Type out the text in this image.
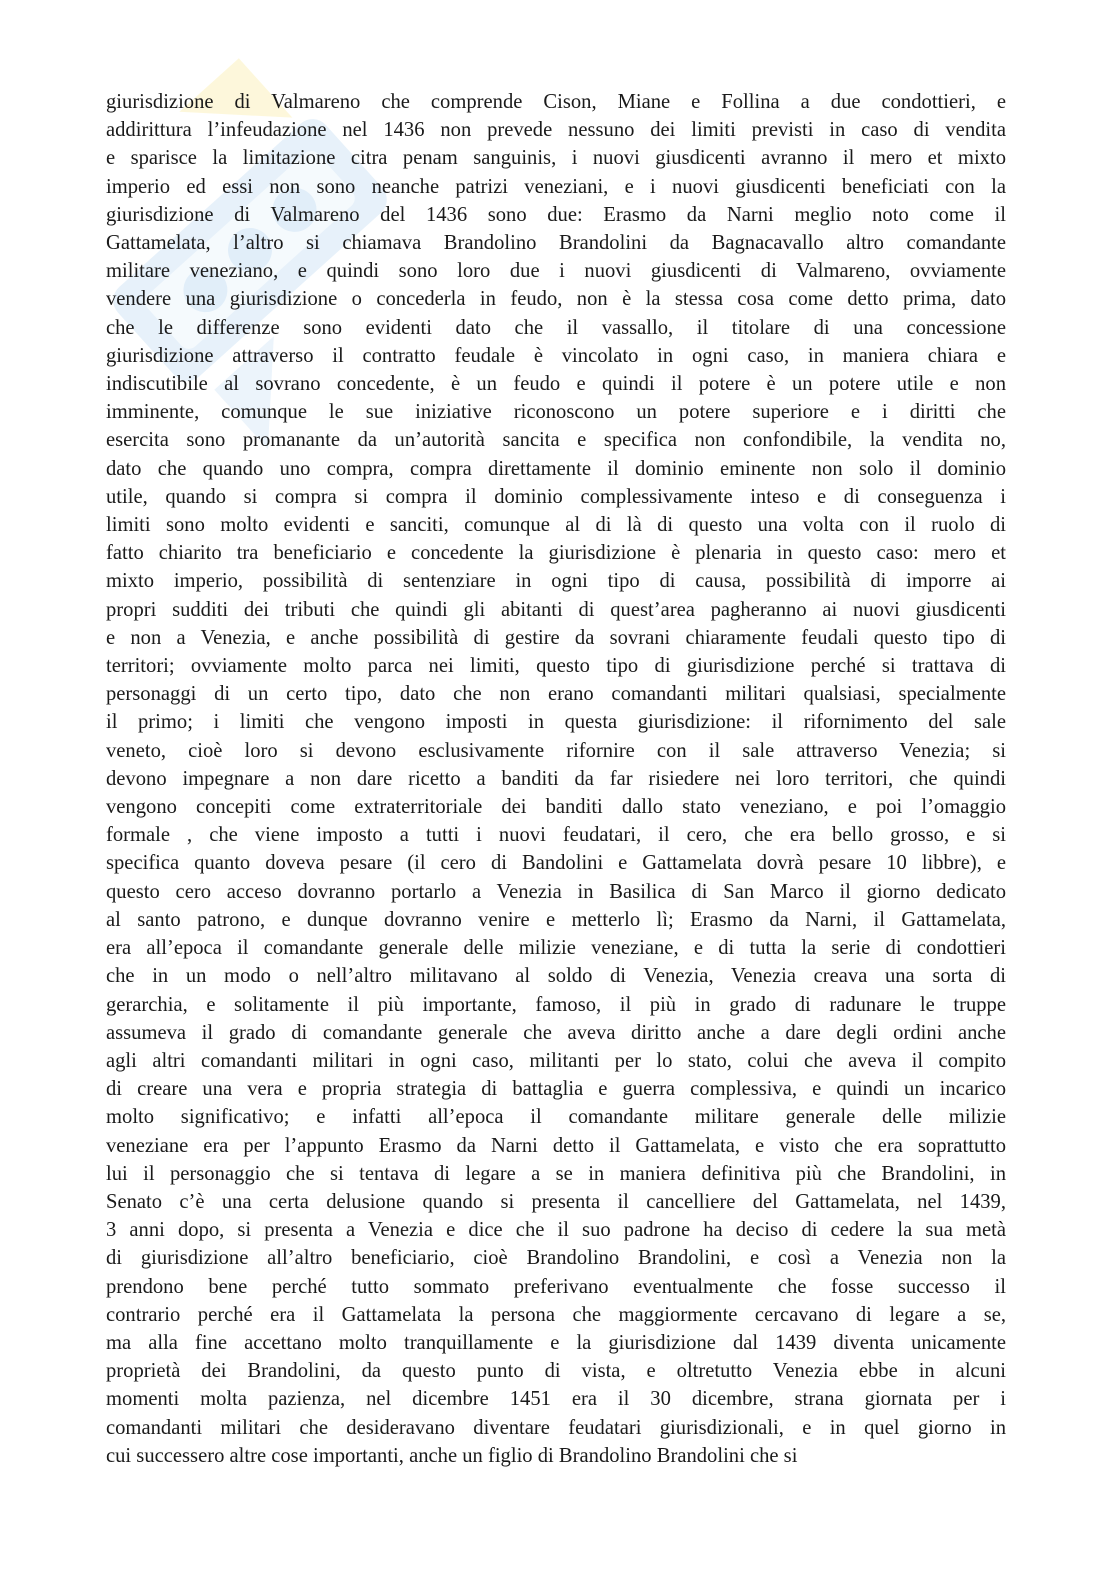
giurisdizione di Valmareno che comprende Cison, Miane e Follina a due condottieri, e
addirittura l’infeudazione nel 1436 non prevede nessuno dei limiti previsti in caso di vendita
e sparisce la limitazione citra penam sanguinis, i nuovi giusdicenti avranno il mero et mixto
imperio ed essi non sono neanche patrizi veneziani, e i nuovi giusdicenti beneficiati con la
giurisdizione di Valmareno del 1436 sono due: Erasmo da Narni meglio noto come il
Gattamelata, l’altro si chiamava Brandolino Brandolini da Bagnacavallo altro comandante
militare veneziano, e quindi sono loro due i nuovi giusdicenti di Valmareno, ovviamente
vendere una giurisdizione o concederla in feudo, non è la stessa cosa come detto prima, dato
che le differenze sono evidenti dato che il vassallo, il titolare di una concessione
giurisdizione attraverso il contratto feudale è vincolato in ogni caso, in maniera chiara e
indiscutibile al sovrano concedente, è un feudo e quindi il potere è un potere utile e non
imminente, comunque le sue iniziative riconoscono un potere superiore e i diritti che
esercita sono promanante da un’autorità sancita e specifica non confondibile, la vendita no,
dato che quando uno compra, compra direttamente il dominio eminente non solo il dominio
utile, quando si compra si compra il dominio complessivamente inteso e di conseguenza i
limiti sono molto evidenti e sanciti, comunque al di là di questo una volta con il ruolo di
fatto chiarito tra beneficiario e concedente la giurisdizione è plenaria in questo caso: mero et
mixto imperio, possibilità di sentenziare in ogni tipo di causa, possibilità di imporre ai
propri sudditi dei tributi che quindi gli abitanti di quest’area pagheranno ai nuovi giusdicenti
e non a Venezia, e anche possibilità di gestire da sovrani chiaramente feudali questo tipo di
territori; ovviamente molto parca nei limiti, questo tipo di giurisdizione perché si trattava di
personaggi di un certo tipo, dato che non erano comandanti militari qualsiasi, specialmente
il primo; i limiti che vengono imposti in questa giurisdizione: il rifornimento del sale
veneto, cioè loro si devono esclusivamente rifornire con il sale attraverso Venezia; si
devono impegnare a non dare ricetto a banditi da far risiedere nei loro territori, che quindi
vengono concepiti come extraterritoriale dei banditi dallo stato veneziano, e poi l’omaggio
formale , che viene imposto a tutti i nuovi feudatari, il cero, che era bello grosso, e si
specifica quanto doveva pesare (il cero di Bandolini e Gattamelata dovrà pesare 10 libbre), e
questo cero acceso dovranno portarlo a Venezia in Basilica di San Marco il giorno dedicato
al santo patrono, e dunque dovranno venire e metterlo lì; Erasmo da Narni, il Gattamelata,
era all’epoca il comandante generale delle milizie veneziane, e di tutta la serie di condottieri
che in un modo o nell’altro militavano al soldo di Venezia, Venezia creava una sorta di
gerarchia, e solitamente il più importante, famoso, il più in grado di radunare le truppe
assumeva il grado di comandante generale che aveva diritto anche a dare degli ordini anche
agli altri comandanti militari in ogni caso, militanti per lo stato, colui che aveva il compito
di creare una vera e propria strategia di battaglia e guerra complessiva, e quindi un incarico
molto significativo; e infatti all’epoca il comandante militare generale delle milizie
veneziane era per l’appunto Erasmo da Narni detto il Gattamelata, e visto che era soprattutto
lui il personaggio che si tentava di legare a se in maniera definitiva più che Brandolini, in
Senato c’è una certa delusione quando si presenta il cancelliere del Gattamelata, nel 1439,
3 anni dopo, si presenta a Venezia e dice che il suo padrone ha deciso di cedere la sua metà
di giurisdizione all’altro beneficiario, cioè Brandolino Brandolini, e così a Venezia non la
prendono bene perché tutto sommato preferivano eventualmente che fosse successo il
contrario perché era il Gattamelata la persona che maggiormente cercavano di legare a se,
ma alla fine accettano molto tranquillamente e la giurisdizione dal 1439 diventa unicamente
proprietà dei Brandolini, da questo punto di vista, e oltretutto Venezia ebbe in alcuni
momenti molta pazienza, nel dicembre 1451 era il 30 dicembre, strana giornata per i
comandanti militari che desideravano diventare feudatari giurisdizionali, e in quel giorno in
cui successero altre cose importanti, anche un figlio di Brandolino Brandolini che si
